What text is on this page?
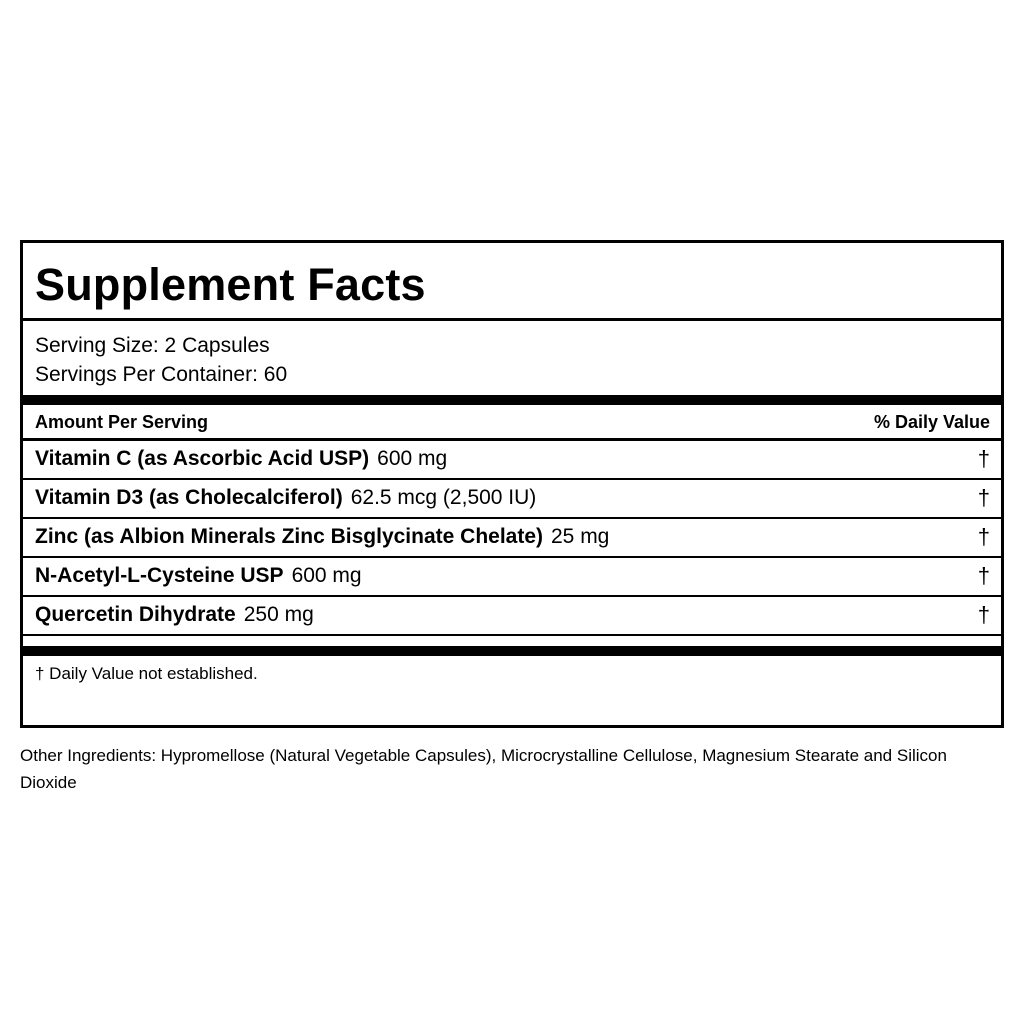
Supplement Facts
Serving Size: 2 Capsules
Servings Per Container: 60
Amount Per Serving	% Daily Value
Vitamin C (as Ascorbic Acid USP) 600 mg	†
Vitamin D3 (as Cholecalciferol) 62.5 mcg (2,500 IU)	†
Zinc (as Albion Minerals Zinc Bisglycinate Chelate) 25 mg	†
N-Acetyl-L-Cysteine USP 600 mg	†
Quercetin Dihydrate 250 mg	†
† Daily Value not established.
Other Ingredients: Hypromellose (Natural Vegetable Capsules), Microcrystalline Cellulose, Magnesium Stearate and Silicon Dioxide
